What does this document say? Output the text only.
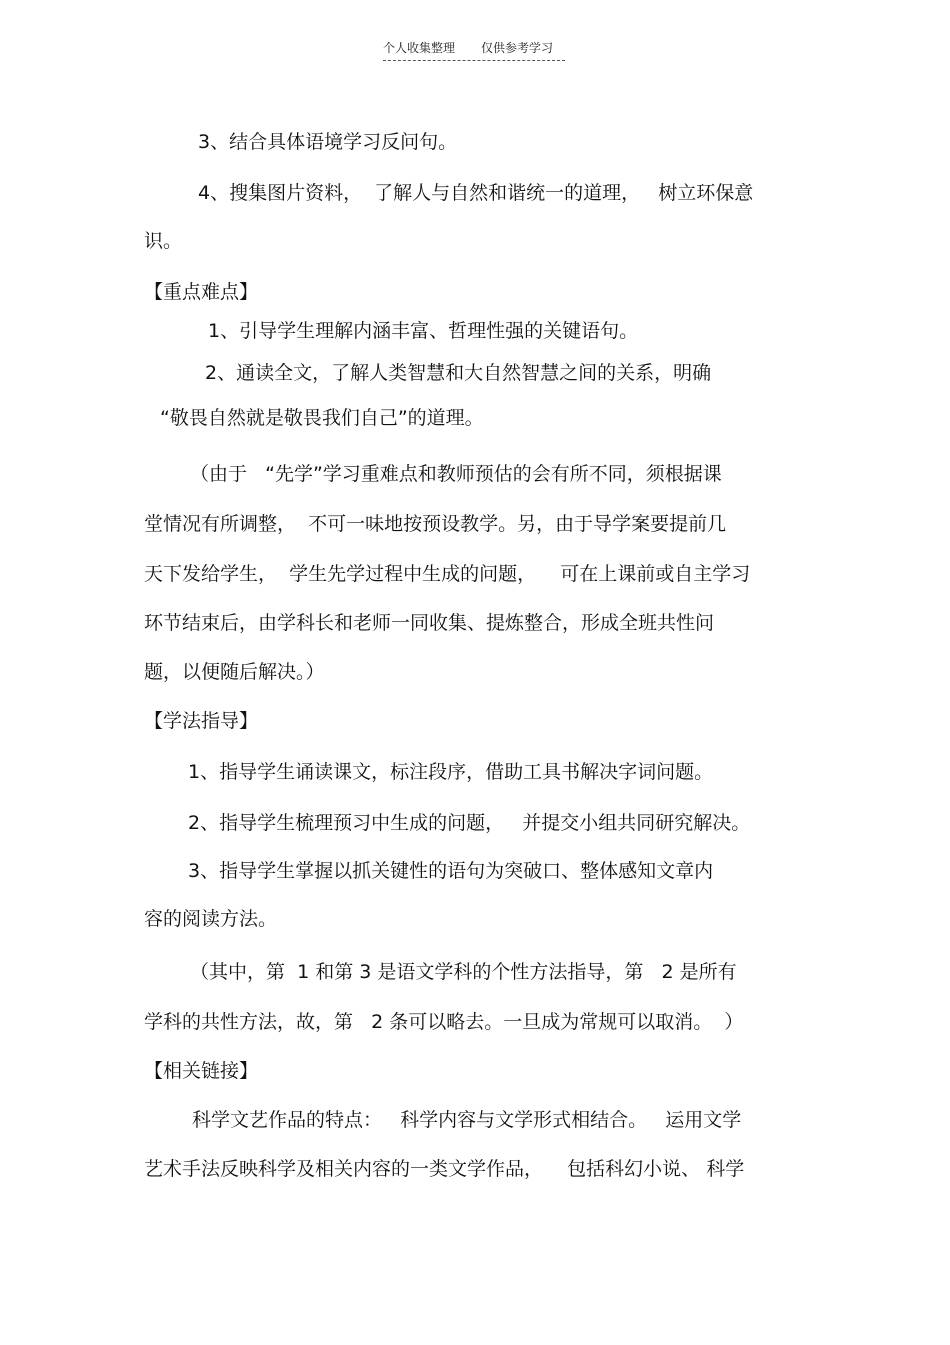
个人收集整理 仅供参考学习
3、结合具体语境学习反问句。
4、搜集图片资料，  了解人与自然和谐统一的道理，   树立环保意
识。
【重点难点】
1、引导学生理解内涵丰富、哲理性强的关键语句。
2、通读全文，了解人类智慧和大自然智慧之间的关系，明确
“敬畏自然就是敬畏我们自己”的道理。
（由于   “先学”学习重难点和教师预估的会有所不同，须根据课
堂情况有所调整，  不可一味地按预设教学。另，由于导学案要提前几
天下发给学生，  学生先学过程中生成的问题，    可在上课前或自主学习
环节结束后，由学科长和老师一同收集、提炼整合，形成全班共性问
题，以便随后解决。）
【学法指导】
1、指导学生诵读课文，标注段序，借助工具书解决字词问题。
2、指导学生梳理预习中生成的问题，   并提交小组共同研究解决。
3、指导学生掌握以抓关键性的语句为突破口、整体感知文章内
容的阅读方法。
（其中，第  1 和第 3 是语文学科的个性方法指导，第   2 是所有
学科的共性方法，故，第   2 条可以略去。一旦成为常规可以取消。  ）
【相关链接】
科学文艺作品的特点：   科学内容与文学形式相结合。   运用文学
艺术手法反映科学及相关内容的一类文学作品，    包括科幻小说、 科学
